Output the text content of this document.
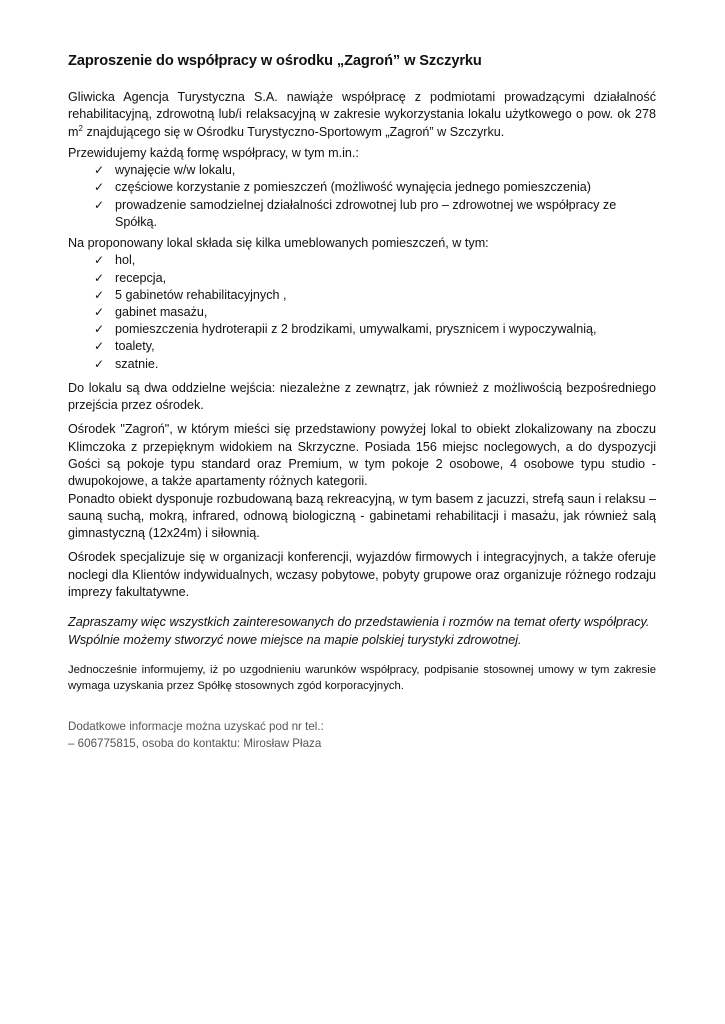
Zaproszenie do współpracy w ośrodku „Zagroń” w Szczyrku

Gliwicka Agencja Turystyczna S.A. nawiąże współpracę z podmiotami prowadzącymi działalność rehabilitacyjną, zdrowotną lub/i relaksacyjną w zakresie wykorzystania lokalu użytkowego o pow. ok 278 $m^2$ znajdującego się w Ośrodku Turystyczno-Sportowym „Zagroń” w Szczyrku.

Przewidujemy każdą formę współpracy, w tym m.in.:

✓ wynajęcie w/w lokalu,
✓ częściowe korzystanie z pomieszczeń (możliwość wynajęcia jednego pomieszczenia)
✓ prowadzenie samodzielnej działalności zdrowotnej lub pro – zdrowotnej we współpracy ze Spółką.

Na proponowany lokal składa się kilka umeblowanych pomieszczeń, w tym:

✓ hol,
✓ recepcja,
✓ 5 gabinetów rehabilitacyjnych ,
✓ gabinet masażu,
✓ pomieszczenia hydroterapii z 2 brodzikami, umywalkami, prysznicem i wypoczywalnią,
✓ toalety,
✓ szatnie.

Do lokalu są dwa oddzielne wejścia: niezależne z zewnątrz, jak również z możliwością bezpośredniego przejścia przez ośrodek.

Ośrodek "Zagroń", w którym mieści się przedstawiony powyżej lokal to obiekt zlokalizowany na zboczu Klimczoka z przepięknym widokiem na Skrzyczne. Posiada 156 miejsc noclegowych, a do dyspozycji Gości są pokoje typu standard oraz Premium, w tym pokoje 2 osobowe, 4 osobowe typu studio - dwupokojowe, a także apartamenty różnych kategorii.

Ponadto obiekt dysponuje rozbudowaną bazą rekreacyjną, w tym basem z jacuzzi, strefą saun i relaksu – sauną suchą, mokrą, infrared, odnową biologiczną - gabinetami rehabilitacji i masażu, jak również salą gimnastyczną (12x24m) i siłownią.

Ośrodek specjalizuje się w organizacji konferencji, wyjazdów firmowych i integracyjnych, a także oferuje noclegi dla Klientów indywidualnych, wczasy pobytowe, pobyty grupowe oraz organizuje różnego rodzaju imprezy fakultatywne.

Zapraszamy więc wszystkich zainteresowanych do przedstawienia i rozmów na temat oferty współpracy.

Wspólnie możemy stworzyć nowe miejsce na mapie polskiej turystyki zdrowotnej.

Jednocześnie informujemy, iż po uzgodnieniu warunków współpracy, podpisanie stosownej umowy w tym zakresie wymaga uzyskania przez Spółkę stosownych zgód korporacyjnych.

Dodatkowe informacje można uzyskać pod nr tel.:

– 606775815, osoba do kontaktu: Mirosław Płaza
